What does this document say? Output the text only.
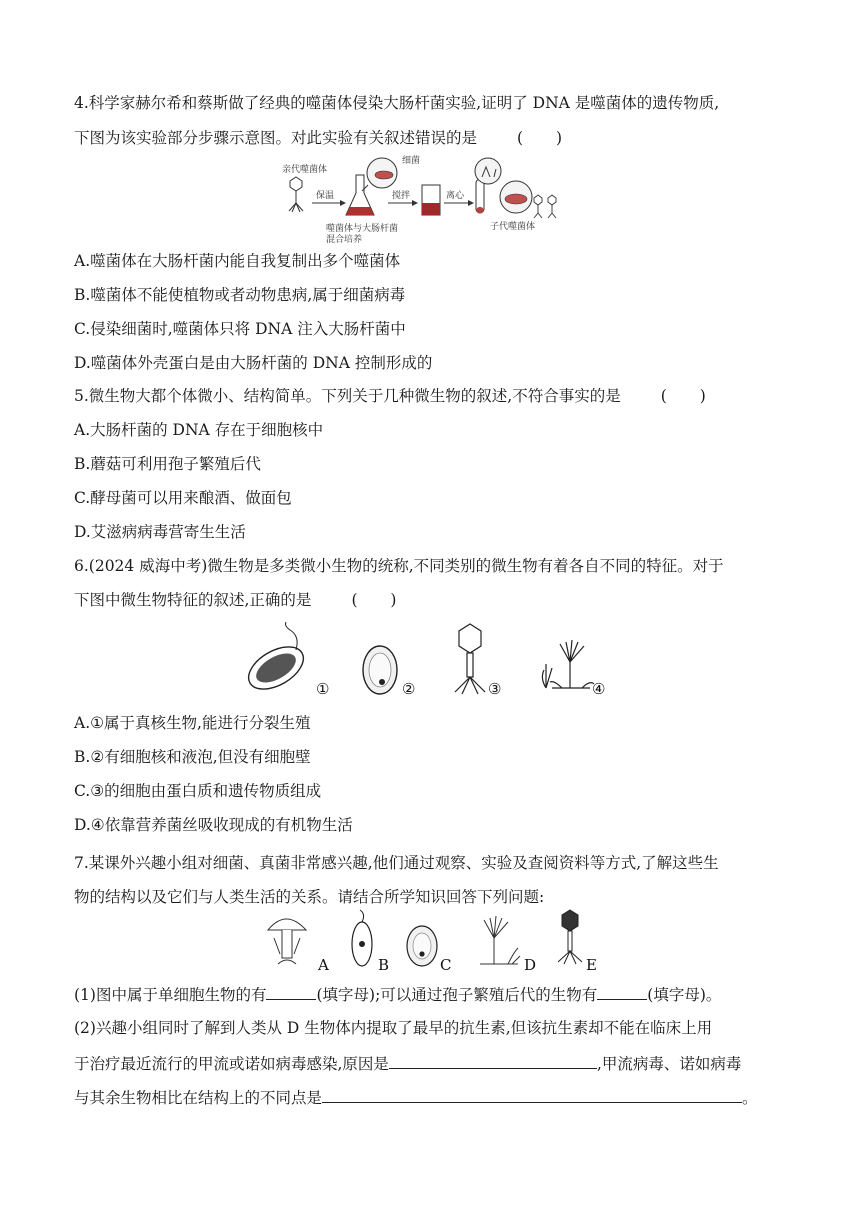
4.科学家赫尔希和蔡斯做了经典的噬菌体侵染大肠杆菌实验,证明了 DNA 是噬菌体的遗传物质,
下图为该实验部分步骤示意图。对此实验有关叙述错误的是	( )
亲代噬菌体
保温
噬菌体与大肠杆菌
混合培养
细菌
搅拌	离心
子代噬菌体
A.噬菌体在大肠杆菌内能自我复制出多个噬菌体
B.噬菌体不能使植物或者动物患病,属于细菌病毒
C.侵染细菌时,噬菌体只将 DNA 注入大肠杆菌中
D.噬菌体外壳蛋白是由大肠杆菌的 DNA 控制形成的
5.微生物大都个体微小、结构简单。下列关于几种微生物的叙述,不符合事实的是	( )
A.大肠杆菌的 DNA 存在于细胞核中
B.蘑菇可利用孢子繁殖后代
C.酵母菌可以用来酿酒、做面包
D.艾滋病病毒营寄生生活
6.(2024 威海中考)微生物是多类微小生物的统称,不同类别的微生物有着各自不同的特征。对于
下图中微生物特征的叙述,正确的是	( )
①	②	③	④
A.①属于真核生物,能进行分裂生殖
B.②有细胞核和液泡,但没有细胞壁
C.③的细胞由蛋白质和遗传物质组成
D.④依靠营养菌丝吸收现成的有机物生活
7.某课外兴趣小组对细菌、真菌非常感兴趣,他们通过观察、实验及查阅资料等方式,了解这些生
物的结构以及它们与人类生活的关系。请结合所学知识回答下列问题:
A	B	C	D	E
(1)图中属于单细胞生物的有	(填字母);可以通过孢子繁殖后代的生物有	(填字母)。
(2)兴趣小组同时了解到人类从 D 生物体内提取了最早的抗生素,但该抗生素却不能在临床上用
于治疗最近流行的甲流或诺如病毒感染,原因是	,甲流病毒、诺如病毒
与其余生物相比在结构上的不同点是	。
